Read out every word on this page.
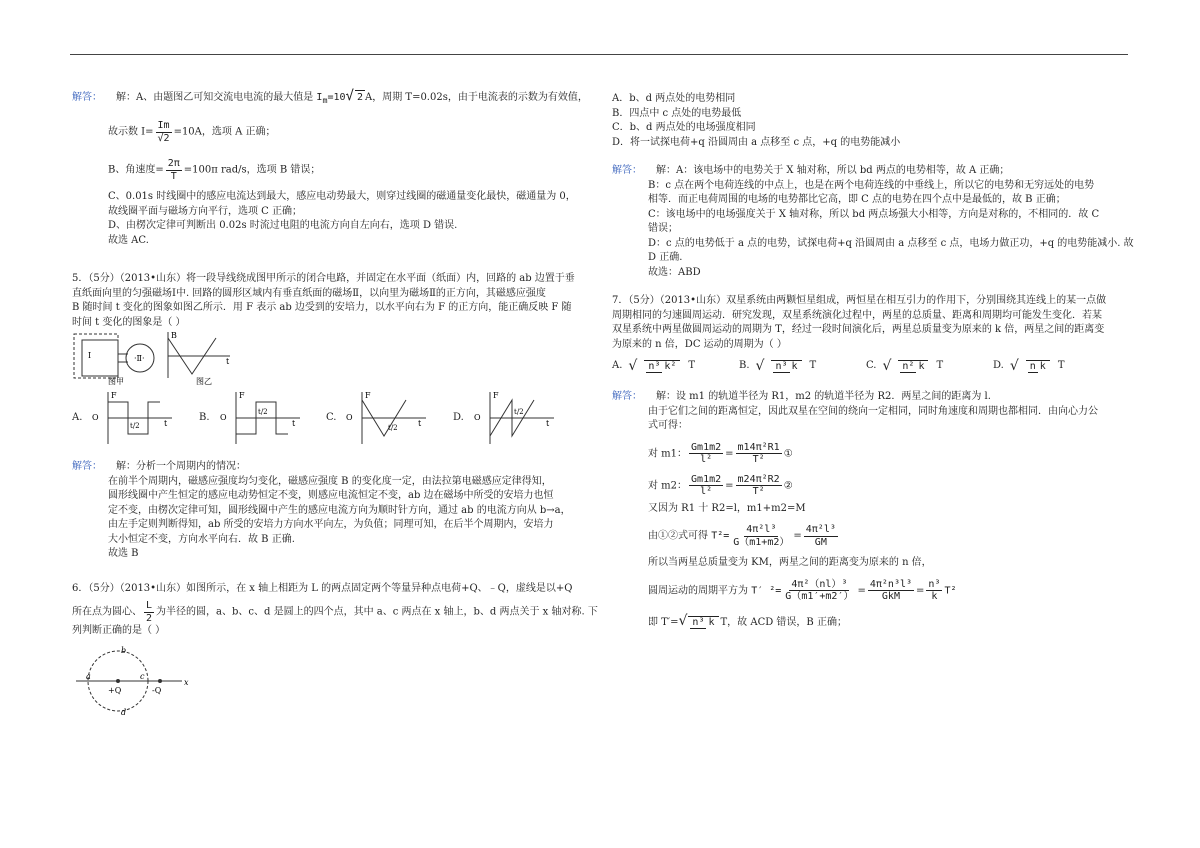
解答： 解：A、由题图乙可知交流电电流的最大值是 $I_m=10√$ 2 A，周期 T=0.02s，由于电流表的示数为有效值，

故示数 $I= \frac{Im}{√2} =10A$，选项 A 正确；

B、角速度= $\frac{2\pi}{T} =100\pi$ rad/s，选项 B 错误；

C、0.01s 时线圈中的感应电流达到最大，感应电动势最大，则穿过线圈的磁通量变化最快，磁通量为 0，

故线圈平面与磁场方向平行，选项 C 正确；

D、由楞次定律可判断出 0.02s 时流过电阻的电流方向自左向右，选项 D 错误.

故选 AC.

5．（5分）（2013•山东）将一段导线绕成图甲所示的闭合电路，并固定在水平面（纸面）内，回路的 ab 边置于垂

直纸面向里的匀强磁场Ⅰ中. 回路的圆形区域内有垂直纸面的磁场Ⅱ，以向里为磁场Ⅱ的正方向，其磁感应强度

B 随时间 t 变化的图象如图乙所示．用 F 表示 ab 边受到的安培力，以水平向右为 F 的正方向，能正确反映 F 随

时间 t 变化的图象是（ ）

·Ⅱ·
Ⅰ
图甲
B
t
图乙
A.
F
O
t
t/2
B.
F
O
t
t/2	C.
F
O
t
t/2
D.
F
O
t
t/2

解答： 解：分析一个周期内的情况：

在前半个周期内，磁感应强度均匀变化，磁感应强度 B 的变化度一定，由法拉第电磁感应定律得知，

圆形线圈中产生恒定的感应电动势恒定不变，则感应电流恒定不变，ab 边在磁场中所受的安培力也恒

定不变，由楞次定律可知，圆形线圈中产生的感应电流方向为顺时针方向，通过 ab 的电流方向从 b→a，

由左手定则判断得知，ab 所受的安培力方向水平向左，为负值；同理可知，在后半个周期内，安培力

大小恒定不变，方向水平向右．故 B 正确.

故选 B

6．（5分）（2013•山东）如图所示，在 x 轴上相距为 L 的两点固定两个等量异种点电荷+Q、﹣Q，虚线是以+Q

所在点为圆心、 $\frac{L}{2}$ 为半径的圆，a、b、c、d 是圆上的四个点，其中 a、c 两点在 x 轴上，b、d 两点关于 x 轴对称. 下

列判断正确的是（ ）

a
b
c
d
+Q	-Q
x

A．b、d 两点处的电势相同

B．四点中 c 点处的电势最低

C．b、d 两点处的电场强度相同

D．将一试探电荷+q 沿圆周由 a 点移至 c 点，+q 的电势能减小

解答： 解：A：该电场中的电势关于 X 轴对称，所以 bd 两点的电势相等，故 A 正确；

B：c 点在两个电荷连线的中点上，也是在两个电荷连线的中垂线上，所以它的电势和无穷远处的电势

相等．而正电荷周围的电场的电势都比它高，即 C 点的电势在四个点中是最低的，故 B 正确；

C：该电场中的电场强度关于 X 轴对称，所以 bd 两点场强大小相等，方向是对称的，不相同的．故 C

错误；

D：c 点的电势低于 a 点的电势，试探电荷+q 沿圆周由 a 点移至 c 点，电场力做正功，+q 的电势能减小. 故

D 正确.

故选：ABD

7．（5分）（2013•山东）双星系统由两颗恒星组成，两恒星在相互引力的作用下，分别围绕其连线上的某一点做

周期相同的匀速圆周运动．研究发现，双星系统演化过程中，两星的总质量、距离和周期均可能发生变化．若某

双星系统中两星做圆周运动的周期为 T，经过一段时间演化后，两星总质量变为原来的 k 倍，两星之间的距离变

为原来的 n 倍，DC 运动的周期为（ ）

A. √	n³ k²	T	B. √	n³ k	T	C. √	n² k	T	D. √	n k	T

解答： 解：设 m1 的轨道半径为 R1，m2 的轨道半径为 R2．两星之间的距离为 l.

由于它们之间的距离恒定，因此双星在空间的绕向一定相同，同时角速度和周期也都相同．由向心力公

式可得：

对 m1： $\frac{Gm1m2}{\text{l²}} = \frac{\text{m14π²R1}}{\text{T²}}$ ①

对 m2： $\frac{Gm1m2}{\text{l²}} = \frac{\text{m24π²R2}}{\text{T²}}$ ②

又因为 R1 十 R2=l，m1+m2=M

由①②式可得 $T^2= \frac{\text{4π²l³}}{G(m1+m2)} = \frac{\text{4π²l³}}{GM}$

所以当两星总质量变为 KM，两星之间的距离变为原来的 n 倍，

圆周运动的周期平方为 T′ $^2= \frac{\text{4π²（nl）³}}{G(m1'+m2')} = \frac{\text{4π²n³l³}}{\text{GkM}} = \frac{\text{n³}}{k} T^2$

即 T′=√ n³ k T，故 ACD 错误，B 正确；
